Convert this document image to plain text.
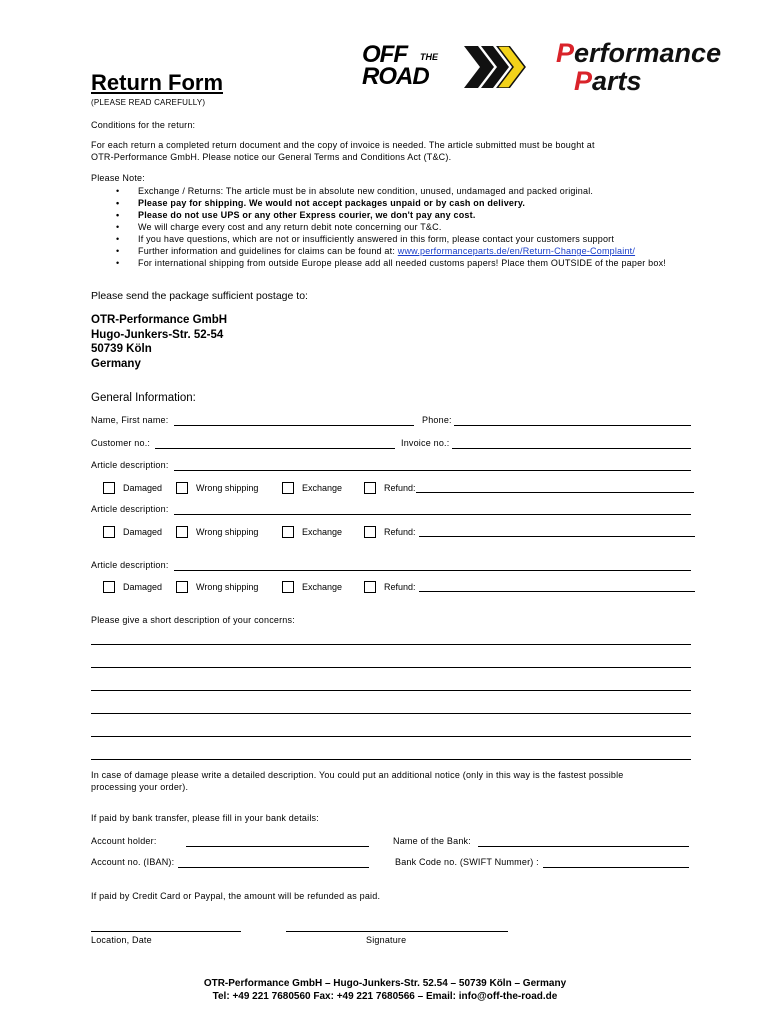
Return Form
(PLEASE READ CAREFULLY)
OFF THE
ROAD
Performance
Parts
Conditions for the return:
For each return a completed return document and the copy of invoice is needed. The article submitted must be bought at
OTR-Performance GmbH. Please notice our General Terms and Conditions Act (T&C).
Please Note:
• Exchange / Returns: The article must be in absolute new condition, unused, undamaged and packed original.
• Please pay for shipping. We would not accept packages unpaid or by cash on delivery.
• Please do not use UPS or any other Express courier, we don't pay any cost.
• We will charge every cost and any return debit note concerning our T&C.
• If you have questions, which are not or insufficiently answered in this form, please contact your customers support
• Further information and guidelines for claims can be found at: www.performanceparts.de/en/Return-Change-Complaint/
• For international shipping from outside Europe please add all needed customs papers! Place them OUTSIDE of the paper box!
Please send the package sufficient postage to:
OTR-Performance GmbH
Hugo-Junkers-Str. 52-54
50739 Köln
Germany
General Information:
Name, First name:	Phone:
Customer no.:	Invoice no.:
Article description:
Damaged	Wrong shipping	Exchange	Refund:
Article description:
Damaged	Wrong shipping	Exchange	Refund:
Article description:
Damaged	Wrong shipping	Exchange	Refund:
Please give a short description of your concerns:
In case of damage please write a detailed description. You could put an additional notice (only in this way is the fastest possible
processing your order).
If paid by bank transfer, please fill in your bank details:
Account holder:	Name of the Bank:
Account no. (IBAN):	Bank Code no. (SWIFT Nummer) :
If paid by Credit Card or Paypal, the amount will be refunded as paid.
Location, Date	Signature
OTR-Performance GmbH – Hugo-Junkers-Str. 52.54 – 50739 Köln – Germany
Tel: +49 221 7680560 Fax: +49 221 7680566 – Email: info@off-the-road.de
